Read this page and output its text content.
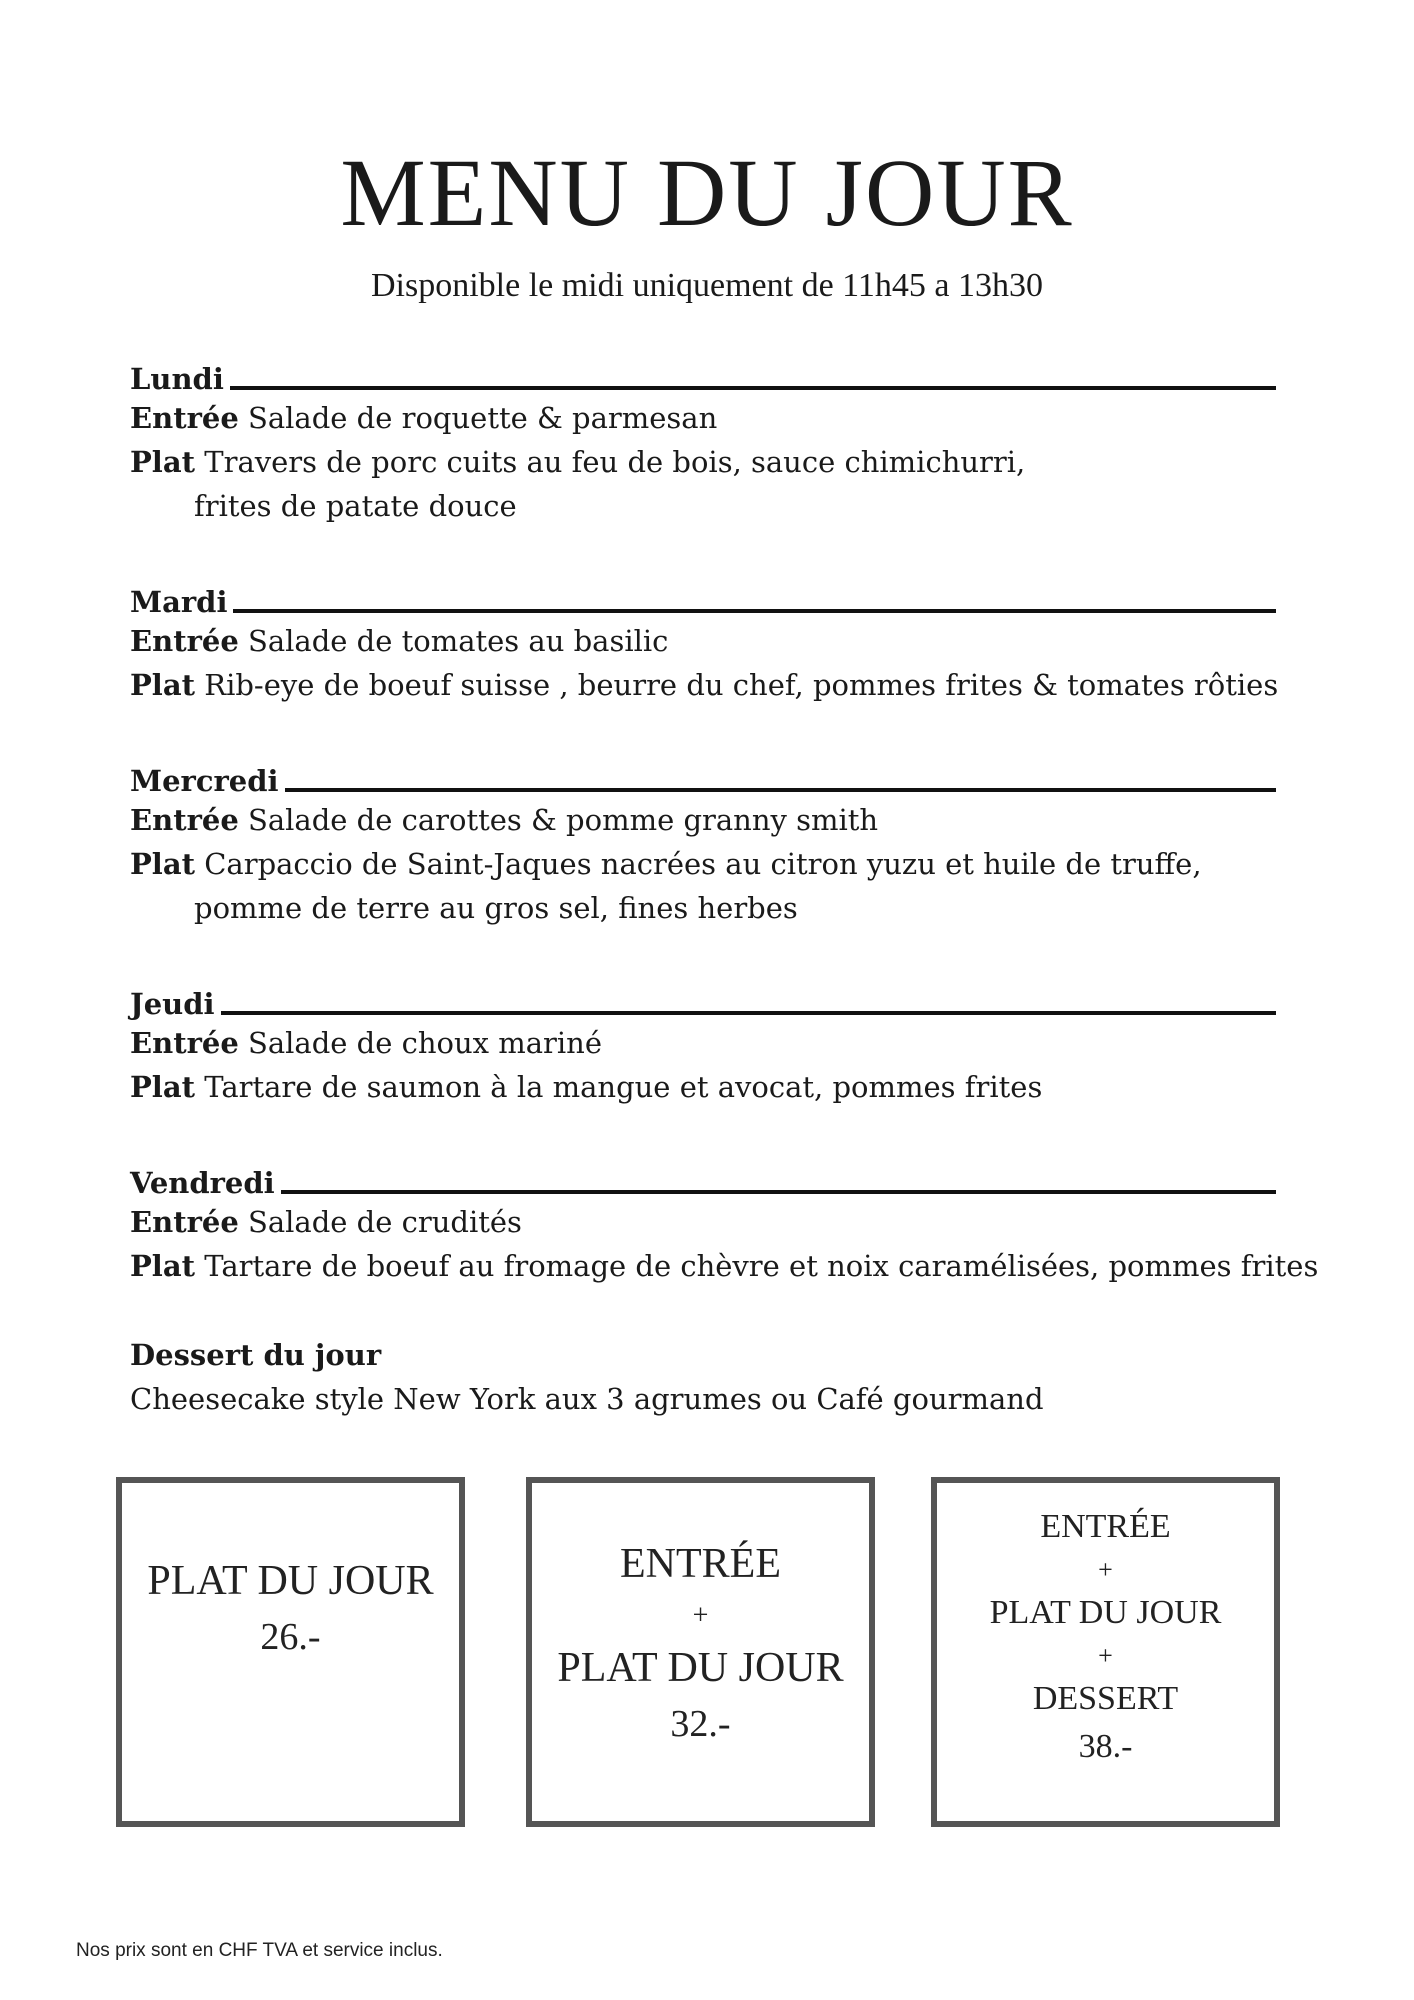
MENU DU JOUR
Disponible le midi uniquement de 11h45 a 13h30
Lundi
Entrée Salade de roquette & parmesan
Plat Travers de porc cuits au feu de bois, sauce chimichurri,
frites de patate douce
Mardi
Entrée Salade de tomates au basilic
Plat Rib-eye de boeuf suisse , beurre du chef, pommes frites & tomates rôties
Mercredi
Entrée Salade de carottes & pomme granny smith
Plat Carpaccio de Saint-Jaques nacrées au citron yuzu et huile de truffe,
pomme de terre au gros sel, fines herbes
Jeudi
Entrée Salade de choux mariné
Plat Tartare de saumon à la mangue et avocat, pommes frites
Vendredi
Entrée Salade de crudités
Plat Tartare de boeuf au fromage de chèvre et noix caramélisées, pommes frites
Dessert du jour
Cheesecake style New York aux 3 agrumes ou Café gourmand
PLAT DU JOUR
26.-
ENTRÉE
+
PLAT DU JOUR
32.-
ENTRÉE
+
PLAT DU JOUR
+
DESSERT
38.-
Nos prix sont en CHF TVA et service inclus.
